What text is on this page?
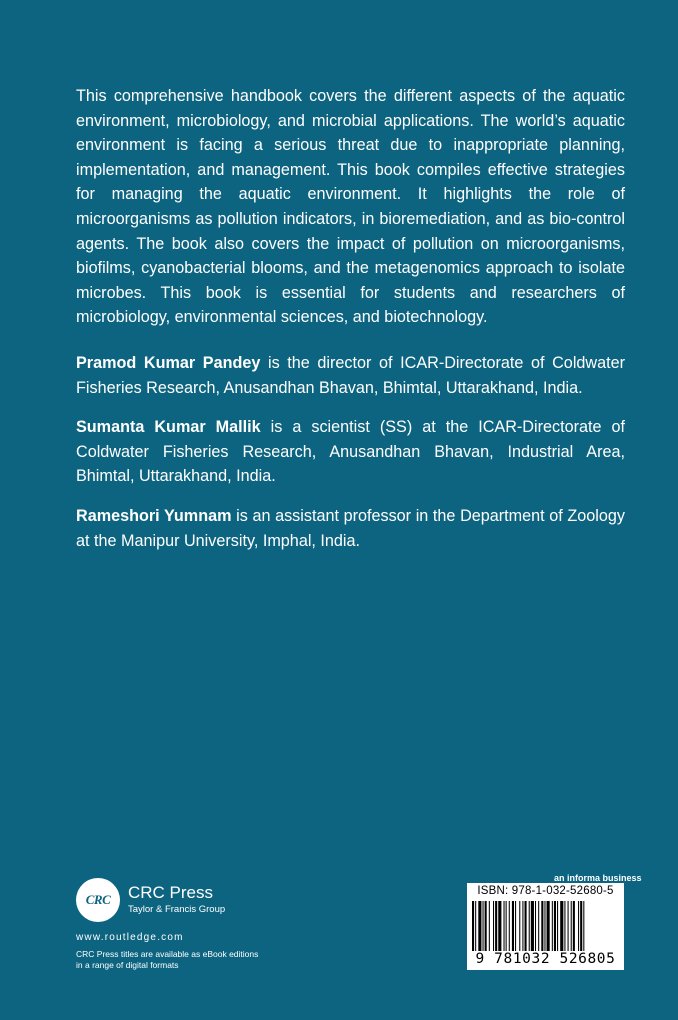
This comprehensive handbook covers the different aspects of the aquatic environment, microbiology, and microbial applications. The world’s aquatic environment is facing a serious threat due to inappropriate planning, implementation, and management. This book compiles effective strategies for managing the aquatic environment. It highlights the role of microorganisms as pollution indicators, in bioremediation, and as bio-control agents. The book also covers the impact of pollution on microorganisms, biofilms, cyanobacterial blooms, and the metagenomics approach to isolate microbes. This book is essential for students and researchers of microbiology, environmental sciences, and biotechnology.

Pramod Kumar Pandey is the director of ICAR-Directorate of Coldwater Fisheries Research, Anusandhan Bhavan, Bhimtal, Uttarakhand, India.

Sumanta Kumar Mallik is a scientist (SS) at the ICAR-Directorate of Coldwater Fisheries Research, Anusandhan Bhavan, Industrial Area, Bhimtal, Uttarakhand, India.

Rameshori Yumnam is an assistant professor in the Department of Zoology at the Manipur University, Imphal, India.

CRC	CRC Press
Taylor & Francis Group
www.routledge.com
CRC Press titles are available as eBook editions in a range of digital formats
an informa business
ISBN: 978-1-032-52680-5
9 781032 526805
